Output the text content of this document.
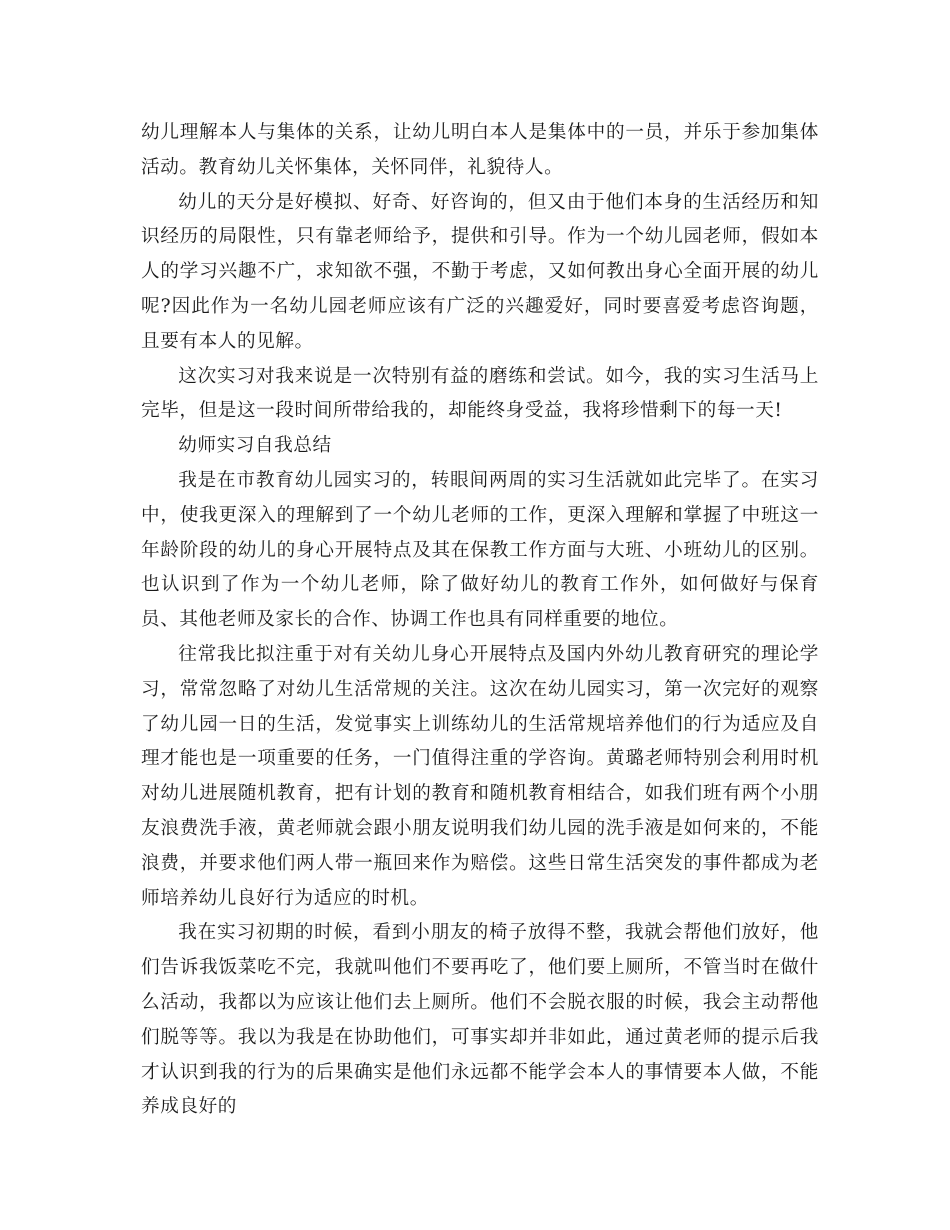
幼儿理解本人与集体的关系，让幼儿明白本人是集体中的一员，并乐于参加集体活动。教育幼儿关怀集体，关怀同伴，礼貌待人。

幼儿的天分是好模拟、好奇、好咨询的，但又由于他们本身的生活经历和知识经历的局限性，只有靠老师给予，提供和引导。作为一个幼儿园老师，假如本人的学习兴趣不广，求知欲不强，不勤于考虑，又如何教出身心全面开展的幼儿呢?因此作为一名幼儿园老师应该有广泛的兴趣爱好，同时要喜爱考虑咨询题，且要有本人的见解。

这次实习对我来说是一次特别有益的磨练和尝试。如今，我的实习生活马上完毕，但是这一段时间所带给我的，却能终身受益，我将珍惜剩下的每一天!

幼师实习自我总结

我是在市教育幼儿园实习的，转眼间两周的实习生活就如此完毕了。在实习中，使我更深入的理解到了一个幼儿老师的工作，更深入理解和掌握了中班这一年龄阶段的幼儿的身心开展特点及其在保教工作方面与大班、小班幼儿的区别。也认识到了作为一个幼儿老师，除了做好幼儿的教育工作外，如何做好与保育员、其他老师及家长的合作、协调工作也具有同样重要的地位。

往常我比拟注重于对有关幼儿身心开展特点及国内外幼儿教育研究的理论学习，常常忽略了对幼儿生活常规的关注。这次在幼儿园实习，第一次完好的观察了幼儿园一日的生活，发觉事实上训练幼儿的生活常规培养他们的行为适应及自理才能也是一项重要的任务，一门值得注重的学咨询。黄璐老师特别会利用时机对幼儿进展随机教育，把有计划的教育和随机教育相结合，如我们班有两个小朋友浪费洗手液，黄老师就会跟小朋友说明我们幼儿园的洗手液是如何来的，不能浪费，并要求他们两人带一瓶回来作为赔偿。这些日常生活突发的事件都成为老师培养幼儿良好行为适应的时机。

我在实习初期的时候，看到小朋友的椅子放得不整，我就会帮他们放好，他们告诉我饭菜吃不完，我就叫他们不要再吃了，他们要上厕所，不管当时在做什么活动，我都以为应该让他们去上厕所。他们不会脱衣服的时候，我会主动帮他们脱等等。我以为我是在协助他们，可事实却并非如此，通过黄老师的提示后我才认识到我的行为的后果确实是他们永远都不能学会本人的事情要本人做，不能养成良好的
